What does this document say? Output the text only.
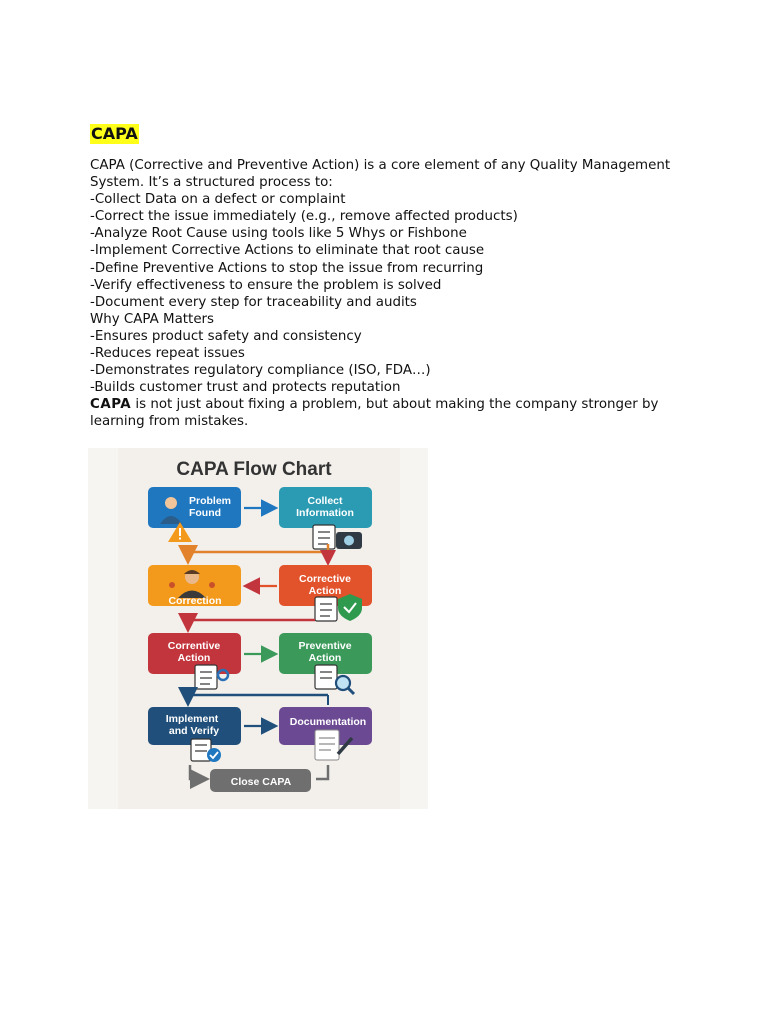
CAPA
CAPA (Corrective and Preventive Action) is a core element of any Quality Management
System. It’s a structured process to:
-Collect Data on a defect or complaint
-Correct the issue immediately (e.g., remove affected products)
-Analyze Root Cause using tools like 5 Whys or Fishbone
-Implement Corrective Actions to eliminate that root cause
-Define Preventive Actions to stop the issue from recurring
-Verify effectiveness to ensure the problem is solved
-Document every step for traceability and audits
Why CAPA Matters
-Ensures product safety and consistency
-Reduces repeat issues
-Demonstrates regulatory compliance (ISO, FDA…)
-Builds customer trust and protects reputation
CAPA is not just about fixing a problem, but about making the company stronger by
learning from mistakes.
CAPA Flow Chart
Problem
Found
Collect
Information
Correction
Corrective
Action
Correntive
Action
Preventive
Action
Implement
and Verify
Documentation
Close CAPA
